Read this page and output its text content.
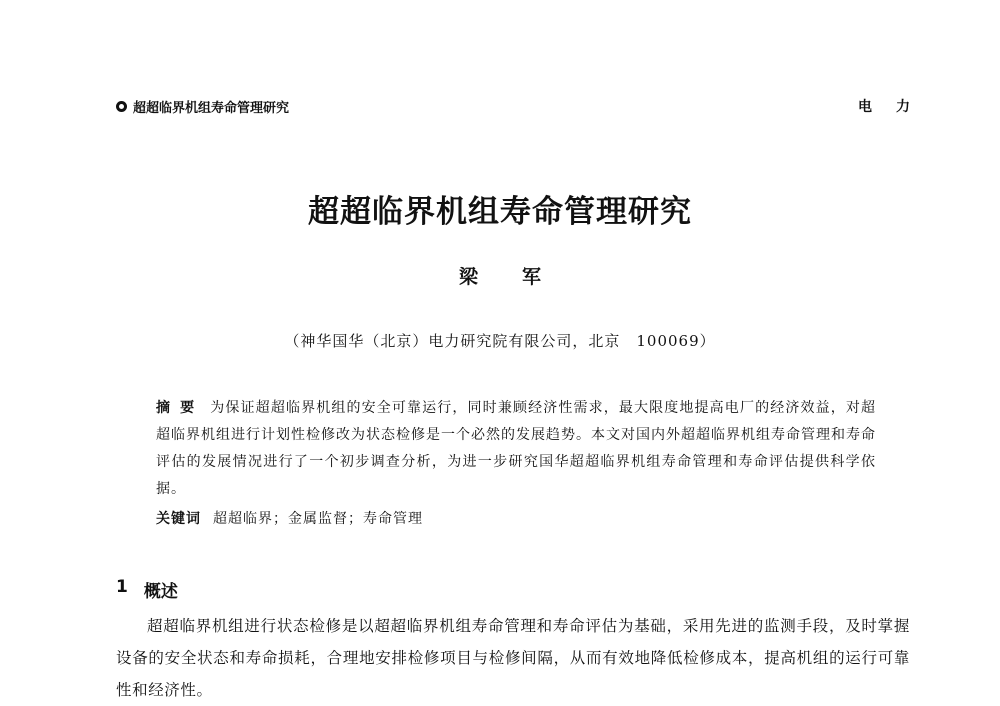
超超临界机组寿命管理研究	电力
超超临界机组寿命管理研究
梁军
（神华国华（北京）电力研究院有限公司，北京　100069）
摘要 为保证超超临界机组的安全可靠运行，同时兼顾经济性需求，最大限度地提高电厂的经济效益，对超超临界机组进行计划性检修改为状态检修是一个必然的发展趋势。本文对国内外超超临界机组寿命管理和寿命评估的发展情况进行了一个初步调查分析，为进一步研究国华超超临界机组寿命管理和寿命评估提供科学依据。
关键词 超超临界；金属监督；寿命管理
1 概述
超超临界机组进行状态检修是以超超临界机组寿命管理和寿命评估为基础，采用先进的监测手段，及时掌握设备的安全状态和寿命损耗，合理地安排检修项目与检修间隔，从而有效地降低检修成本，提高机组的运行可靠性和经济性。
